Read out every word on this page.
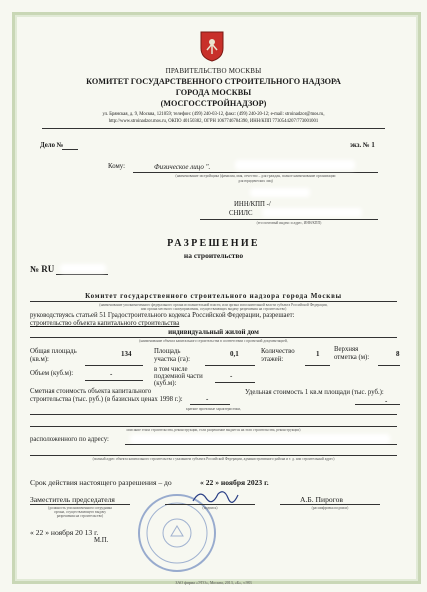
ПРАВИТЕЛЬСТВО МОСКВЫ
КОМИТЕТ ГОСУДАРСТВЕННОГО СТРОИТЕЛЬНОГО НАДЗОРА
ГОРОДА МОСКВЫ
(МОСГОССТРОЙНАДЗОР)
ул. Брянская, д. 9, Москва, 121059; телефон: (499) 240-03-12, факс: (499) 240-20-12; e-mail: stroinadzor@mos.ru,
http://www.stroinadzor.mos.ru, ОКПО 40150382, ОГРН 1067746784390, ИНН/КПП 7730544207/773001001
Дело №	экз. № 1
Кому:	Физическое лицо ".
(наименование застройщика (фамилия, имя, отчество – для граждан, полное наименование организации
для юридических лиц)
ИНН/КПП -/
СНИЛС
(его почтовый индекс и адрес, ИНН/КПП)
РАЗРЕШЕНИЕ
на строительство
№ RU
Комитет государственного строительного надзора города Москвы
(наименование уполномоченного федерального органа исполнительной власти, или органа исполнительной власти субъекта Российской Федерации,
или органа местного самоуправления, осуществляющих выдачу разрешения на строительство)
руководствуясь статьей 51 Градостроительного кодекса Российской Федерации, разрешает:
строительство объекта капитального строительства
индивидуальный жилой дом
(наименование объекта капитального строительства в соответствии с проектной документацией,
Общая площадь (кв.м):
134	Площадь участка (га):
0,1	Количество этажей:
1
Верхняя отметка (м):	8
Объем (куб.м):	-
в том числе подземной части (куб.м):
-
Сметная стоимость объекта капитального строительства (тыс. руб.) (в базисных ценах 1998 г.):	-
Удельная стоимость 1 кв.м площади (тыс. руб.):
-
краткие проектные характеристики,
описание этапа строительства, реконструкции, если разрешение выдается на этап строительства, реконструкции)
расположенного по адресу:
(полный адрес объекта капитального строительства с указанием субъекта Российской Федерации, административного района и т. д. или строительный адрес)
Срок действия настоящего разрешения – до	« 22 » ноября 2023 г.
Заместитель председателя
(должность уполномоченного сотрудника
органа, осуществляющего выдачу
разрешения на строительство)
(подпись)
А.Б. Пирогов
(расшифровка подписи)
« 22 » ноября 20 13 г.
М.П.
ЗАО фирма «ЭТО», Москва, 2013, «Б», з.983
